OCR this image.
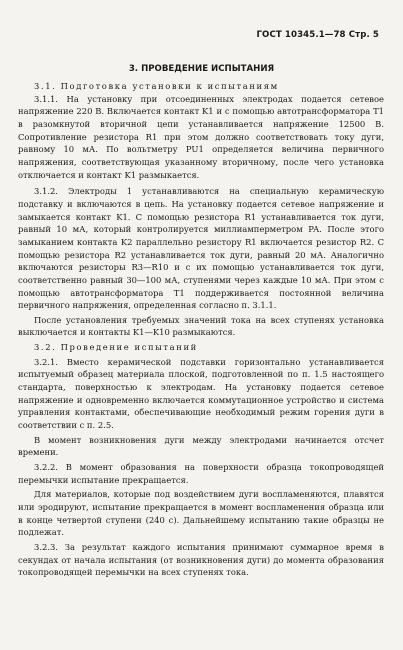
ГОСТ 10345.1—78 Стр. 5
3. ПРОВЕДЕНИЕ ИСПЫТАНИЯ

3.1. Подготовка установки к испытаниям

3.1.1. На установку при отсоединенных электродах подается сетевое напряжение 220 В. Включается контакт K1 и с помощью автотрансформатора T1 в разомкнутой вторичной цепи устанавливается напряжение 12500 В. Сопротивление резистора R1 при этом должно соответствовать току дуги, равному 10 мА. По вольтметру PU1 определяется величина первичного напряжения, соответствующая указанному вторичному, после чего установка отключается и контакт K1 размыкается.

3.1.2. Электроды 1 устанавливаются на специальную керамическую подставку и включаются в цепь. На установку подается сетевое напряжение и замыкается контакт K1. С помощью резистора R1 устанавливается ток дуги, равный 10 мА, который контролируется миллиамперметром PA. После этого замыканием контакта K2 параллельно резистору R1 включается резистор R2. С помощью резистора R2 устанавливается ток дуги, равный 20 мА. Аналогично включаются резисторы R3—R10 и с их помощью устанавливается ток дуги, соответственно равный 30—100 мА, ступенями через каждые 10 мА. При этом с помощью автотрансформатора T1 поддерживается постоянной величина первичного напряжения, определенная согласно п. 3.1.1.

После установления требуемых значений тока на всех ступенях установка выключается и контакты K1—K10 размыкаются.

3.2. Проведение испытаний

3.2.1. Вместо керамической подставки горизонтально устанавливается испытуемый образец материала плоской, подготовленной по п. 1.5 настоящего стандарта, поверхностью к электродам. На установку подается сетевое напряжение и одновременно включается коммутационное устройство и система управления контактами, обеспечивающие необходимый режим горения дуги в соответствии с п. 2.5.

В момент возникновения дуги между электродами начинается отсчет времени.

3.2.2. В момент образования на поверхности образца токопроводящей перемычки испытание прекращается.

Для материалов, которые под воздействием дуги воспламеняются, плавятся или эродируют, испытание прекращается в момент воспламенения образца или в конце четвертой ступени (240 с). Дальнейшему испытанию такие образцы не подлежат.

3.2.3. За результат каждого испытания принимают суммарное время в секундах от начала испытания (от возникновения дуги) до момента образования токопроводящей перемычки на всех ступенях тока.
